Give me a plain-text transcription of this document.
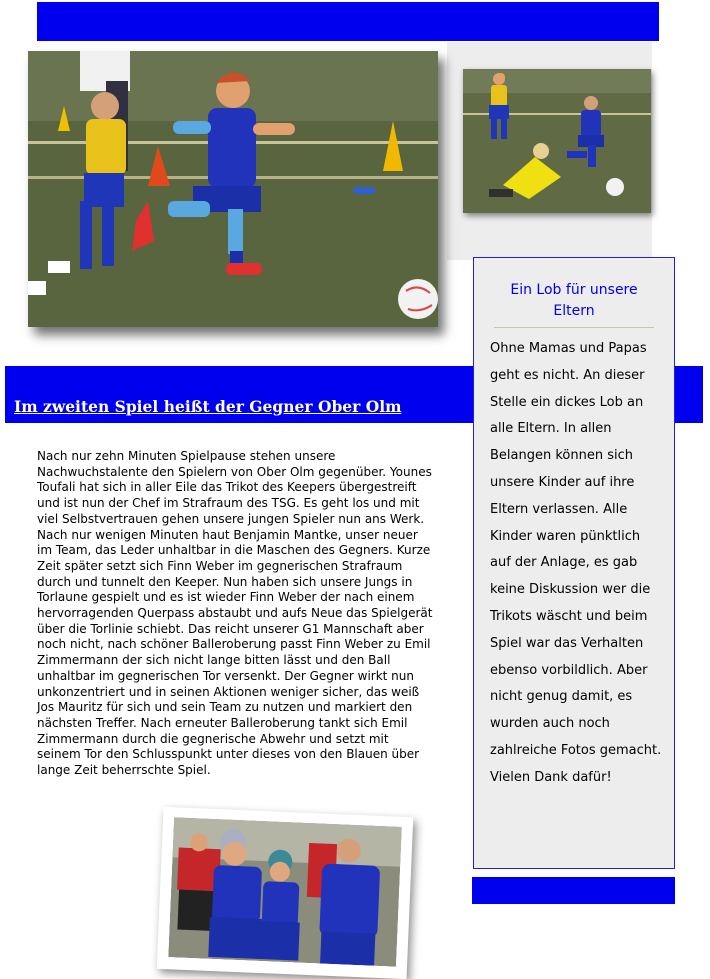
Im zweiten Spiel heißt der Gegner Ober Olm

Nach nur zehn Minuten Spielpause stehen unsere Nachwuchstalente den Spielern von Ober Olm gegenüber. Younes Toufali hat sich in aller Eile das Trikot des Keepers übergestreift und ist nun der Chef im Strafraum des TSG. Es geht los und mit viel Selbstvertrauen gehen unsere jungen Spieler nun ans Werk. Nach nur wenigen Minuten haut Benjamin Mantke, unser neuer im Team, das Leder unhaltbar in die Maschen des Gegners. Kurze Zeit später setzt sich Finn Weber im gegnerischen Strafraum durch und tunnelt den Keeper. Nun haben sich unsere Jungs in Torlaune gespielt und es ist wieder Finn Weber der nach einem hervorragenden Querpass abstaubt und aufs Neue das Spielgerät über die Torlinie schiebt. Das reicht unserer G1 Mannschaft aber noch nicht, nach schöner Balleroberung passt Finn Weber zu Emil Zimmermann der sich nicht lange bitten lässt und den Ball unhaltbar im gegnerischen Tor versenkt. Der Gegner wirkt nun unkonzentriert und in seinen Aktionen weniger sicher, das weiß Jos Mauritz für sich und sein Team zu nutzen und markiert den nächsten Treffer. Nach erneuter Balleroberung tankt sich Emil Zimmermann durch die gegnerische Abwehr und setzt mit seinem Tor den Schlusspunkt unter dieses von den Blauen über lange Zeit beherrschte Spiel.

Ein Lob für unsere Eltern
Ohne Mamas und Papas geht es nicht. An dieser Stelle ein dickes Lob an alle Eltern. In allen Belangen können sich unsere Kinder auf ihre Eltern verlassen. Alle Kinder waren pünktlich auf der Anlage, es gab keine Diskussion wer die Trikots wäscht und beim Spiel war das Verhalten ebenso vorbildlich. Aber nicht genug damit, es wurden auch noch zahlreiche Fotos gemacht. Vielen Dank dafür!
